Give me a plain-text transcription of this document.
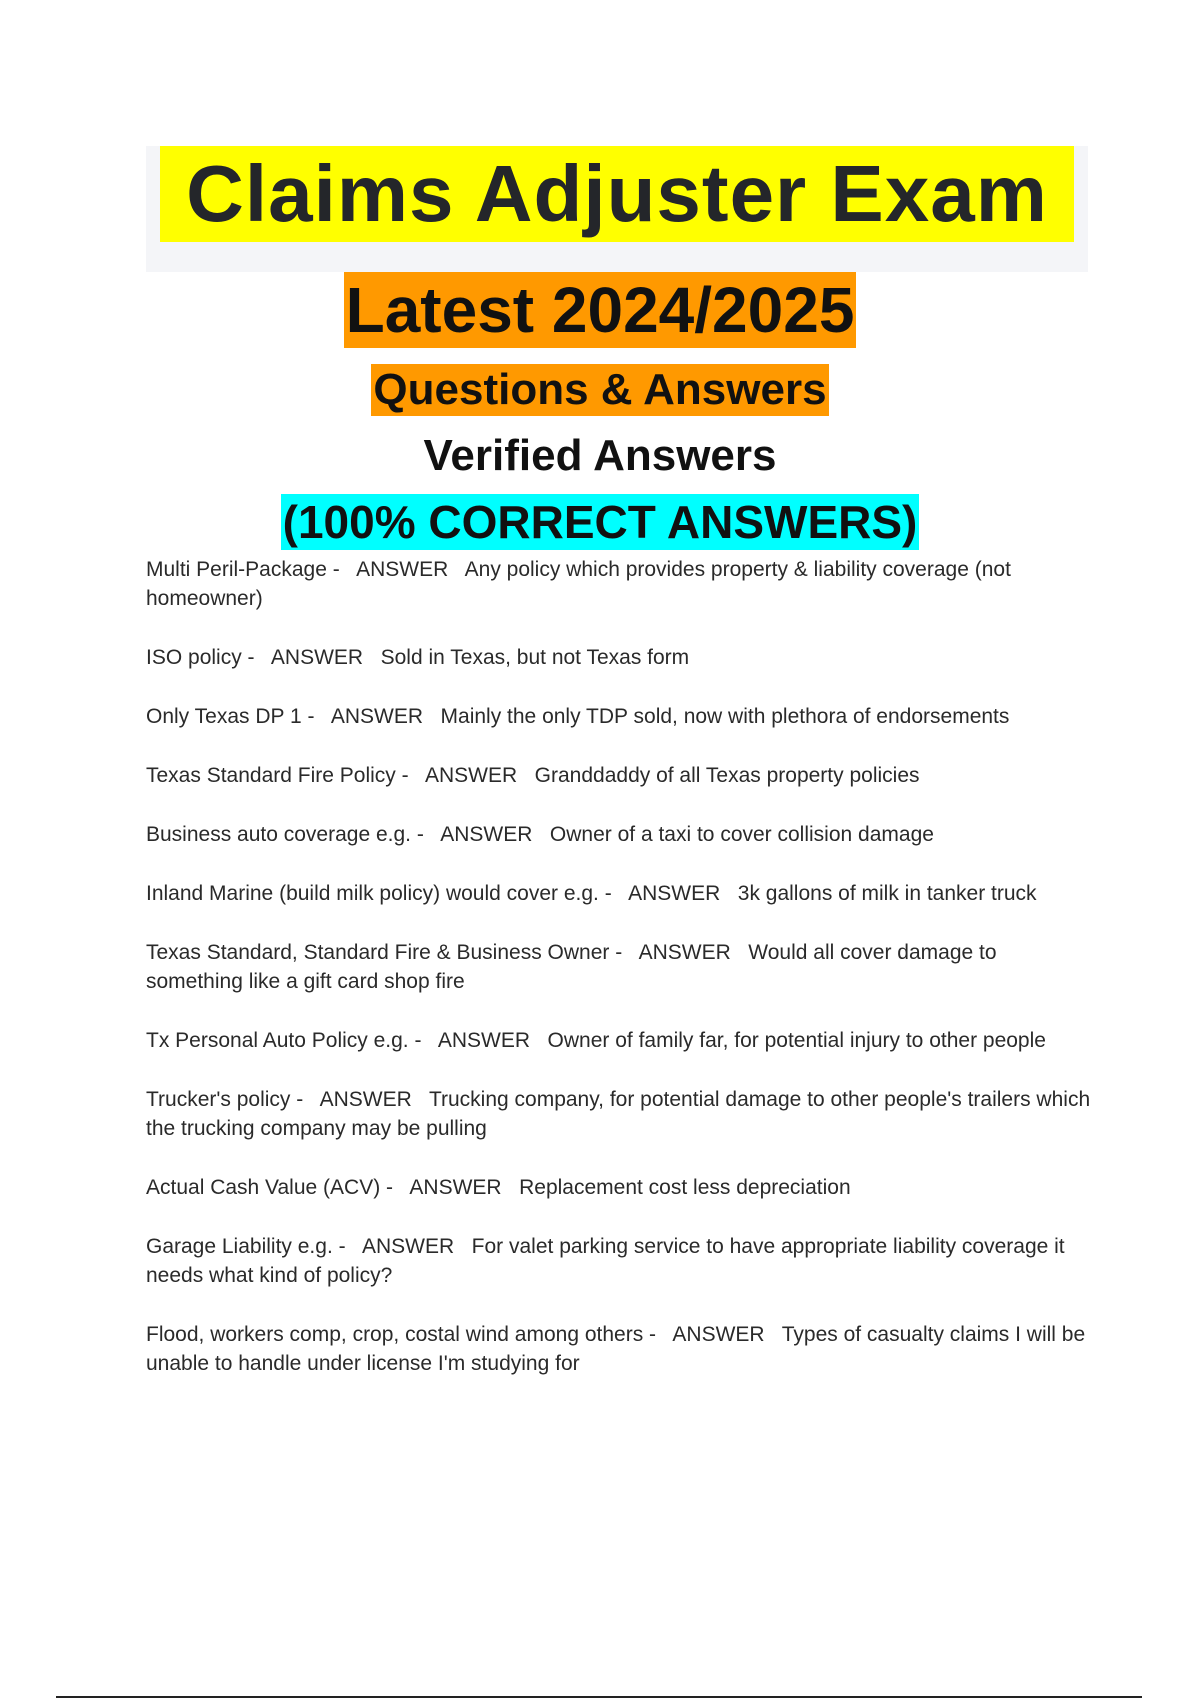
Claims Adjuster Exam
Latest 2024/2025
Questions & Answers
Verified Answers
(100% CORRECT ANSWERS)
Multi Peril-Package - ANSWER Any policy which provides property & liability coverage (not homeowner)
ISO policy - ANSWER Sold in Texas, but not Texas form
Only Texas DP 1 - ANSWER Mainly the only TDP sold, now with plethora of endorsements
Texas Standard Fire Policy - ANSWER Granddaddy of all Texas property policies
Business auto coverage e.g. - ANSWER Owner of a taxi to cover collision damage
Inland Marine (build milk policy) would cover e.g. - ANSWER 3k gallons of milk in tanker truck
Texas Standard, Standard Fire & Business Owner - ANSWER Would all cover damage to something like a gift card shop fire
Tx Personal Auto Policy e.g. - ANSWER Owner of family far, for potential injury to other people
Trucker's policy - ANSWER Trucking company, for potential damage to other people's trailers which the trucking company may be pulling
Actual Cash Value (ACV) - ANSWER Replacement cost less depreciation
Garage Liability e.g. - ANSWER For valet parking service to have appropriate liability coverage it needs what kind of policy?
Flood, workers comp, crop, costal wind among others - ANSWER Types of casualty claims I will be unable to handle under license I'm studying for
